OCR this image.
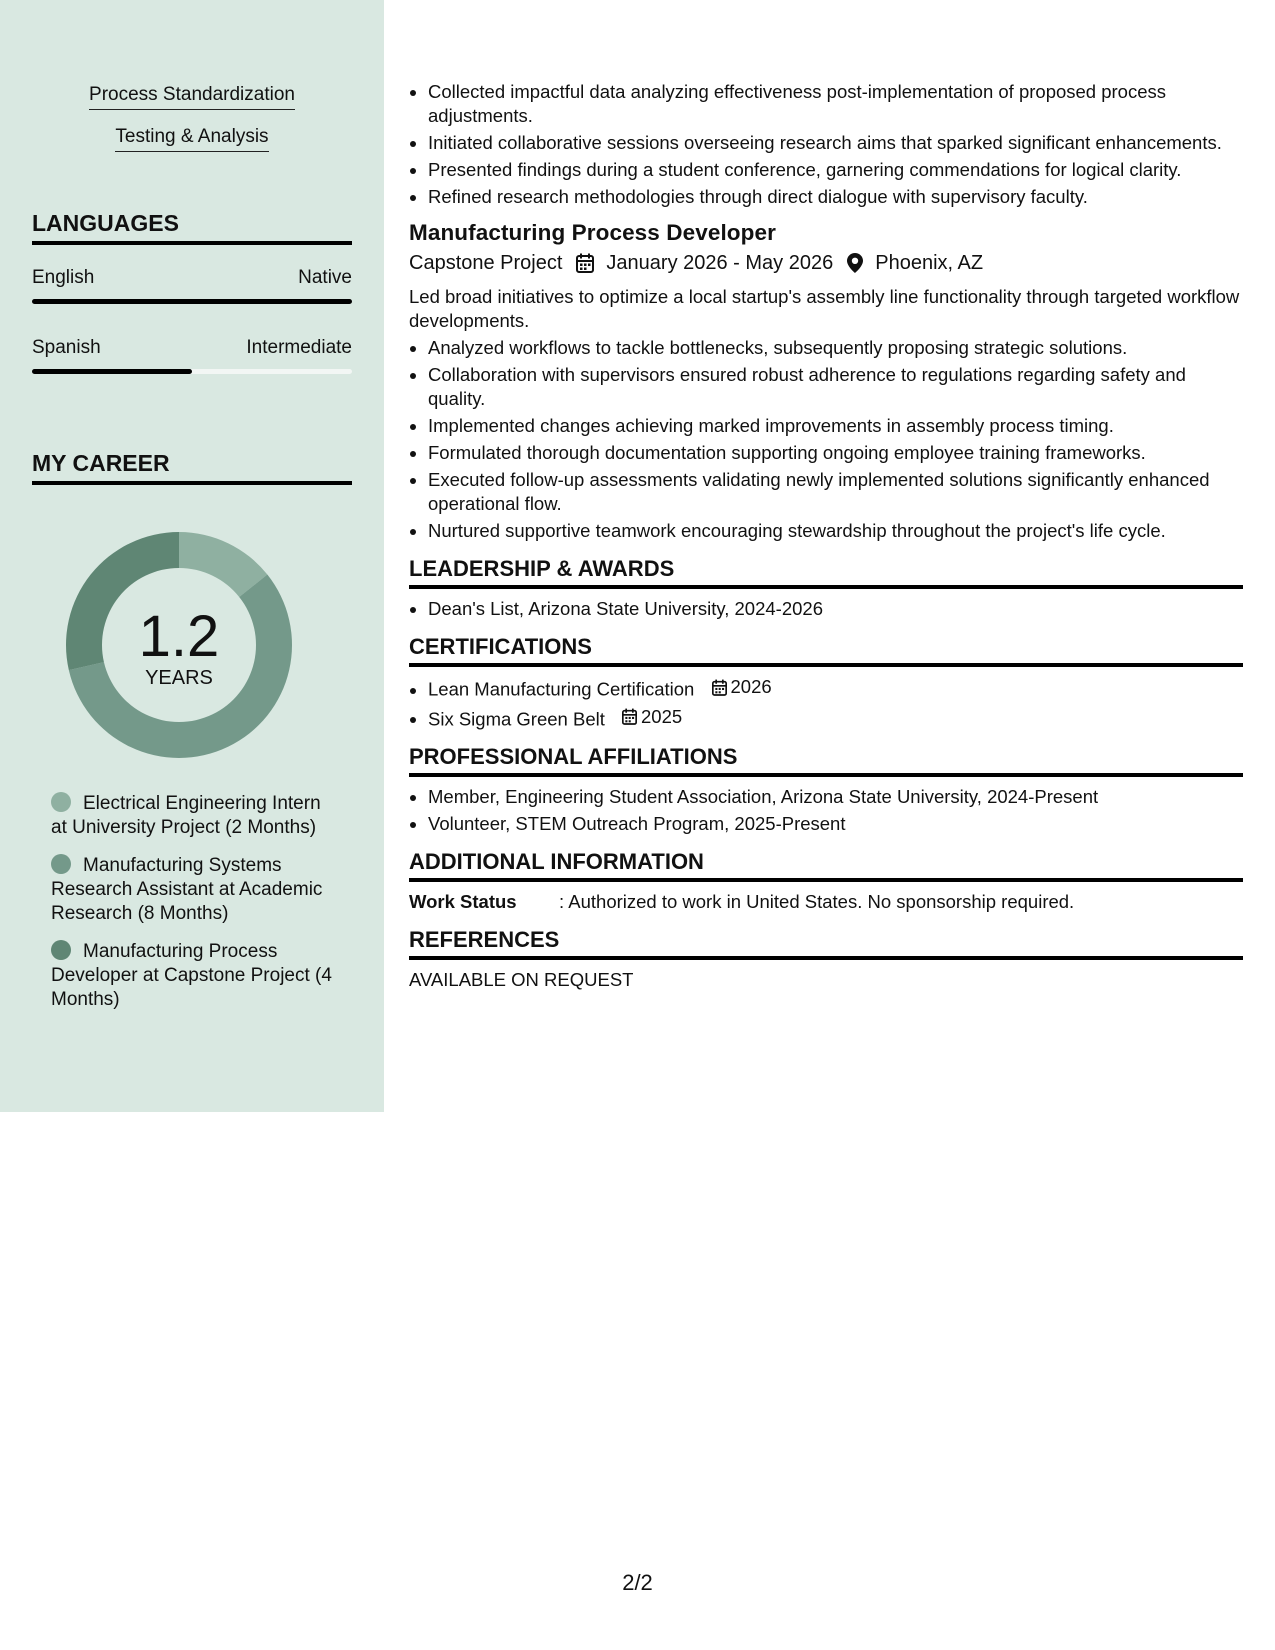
Process Standardization
Testing & Analysis
LANGUAGES
English	Native
Spanish	Intermediate
MY CAREER
1.2
YEARS
Electrical Engineering Intern at University Project (2 Months)
Manufacturing Systems Research Assistant at Academic Research (8 Months)
Manufacturing Process Developer at Capstone Project (4 Months)
• Collected impactful data analyzing effectiveness post-implementation of proposed process adjustments.
• Initiated collaborative sessions overseeing research aims that sparked significant enhancements.
• Presented findings during a student conference, garnering commendations for logical clarity.
• Refined research methodologies through direct dialogue with supervisory faculty.
Manufacturing Process Developer
Capstone Project January 2026 - May 2026 Phoenix, AZ
Led broad initiatives to optimize a local startup's assembly line functionality through targeted workflow developments.
• Analyzed workflows to tackle bottlenecks, subsequently proposing strategic solutions.
• Collaboration with supervisors ensured robust adherence to regulations regarding safety and quality.
• Implemented changes achieving marked improvements in assembly process timing.
• Formulated thorough documentation supporting ongoing employee training frameworks.
• Executed follow-up assessments validating newly implemented solutions significantly enhanced operational flow.
• Nurtured supportive teamwork encouraging stewardship throughout the project's life cycle.
LEADERSHIP & AWARDS
• Dean's List, Arizona State University, 2024-2026
CERTIFICATIONS
• Lean Manufacturing Certification 2026
• Six Sigma Green Belt 2025
PROFESSIONAL AFFILIATIONS
• Member, Engineering Student Association, Arizona State University, 2024-Present
• Volunteer, STEM Outreach Program, 2025-Present
ADDITIONAL INFORMATION
Work Status	: Authorized to work in United States. No sponsorship required.
REFERENCES
AVAILABLE ON REQUEST
2/2
